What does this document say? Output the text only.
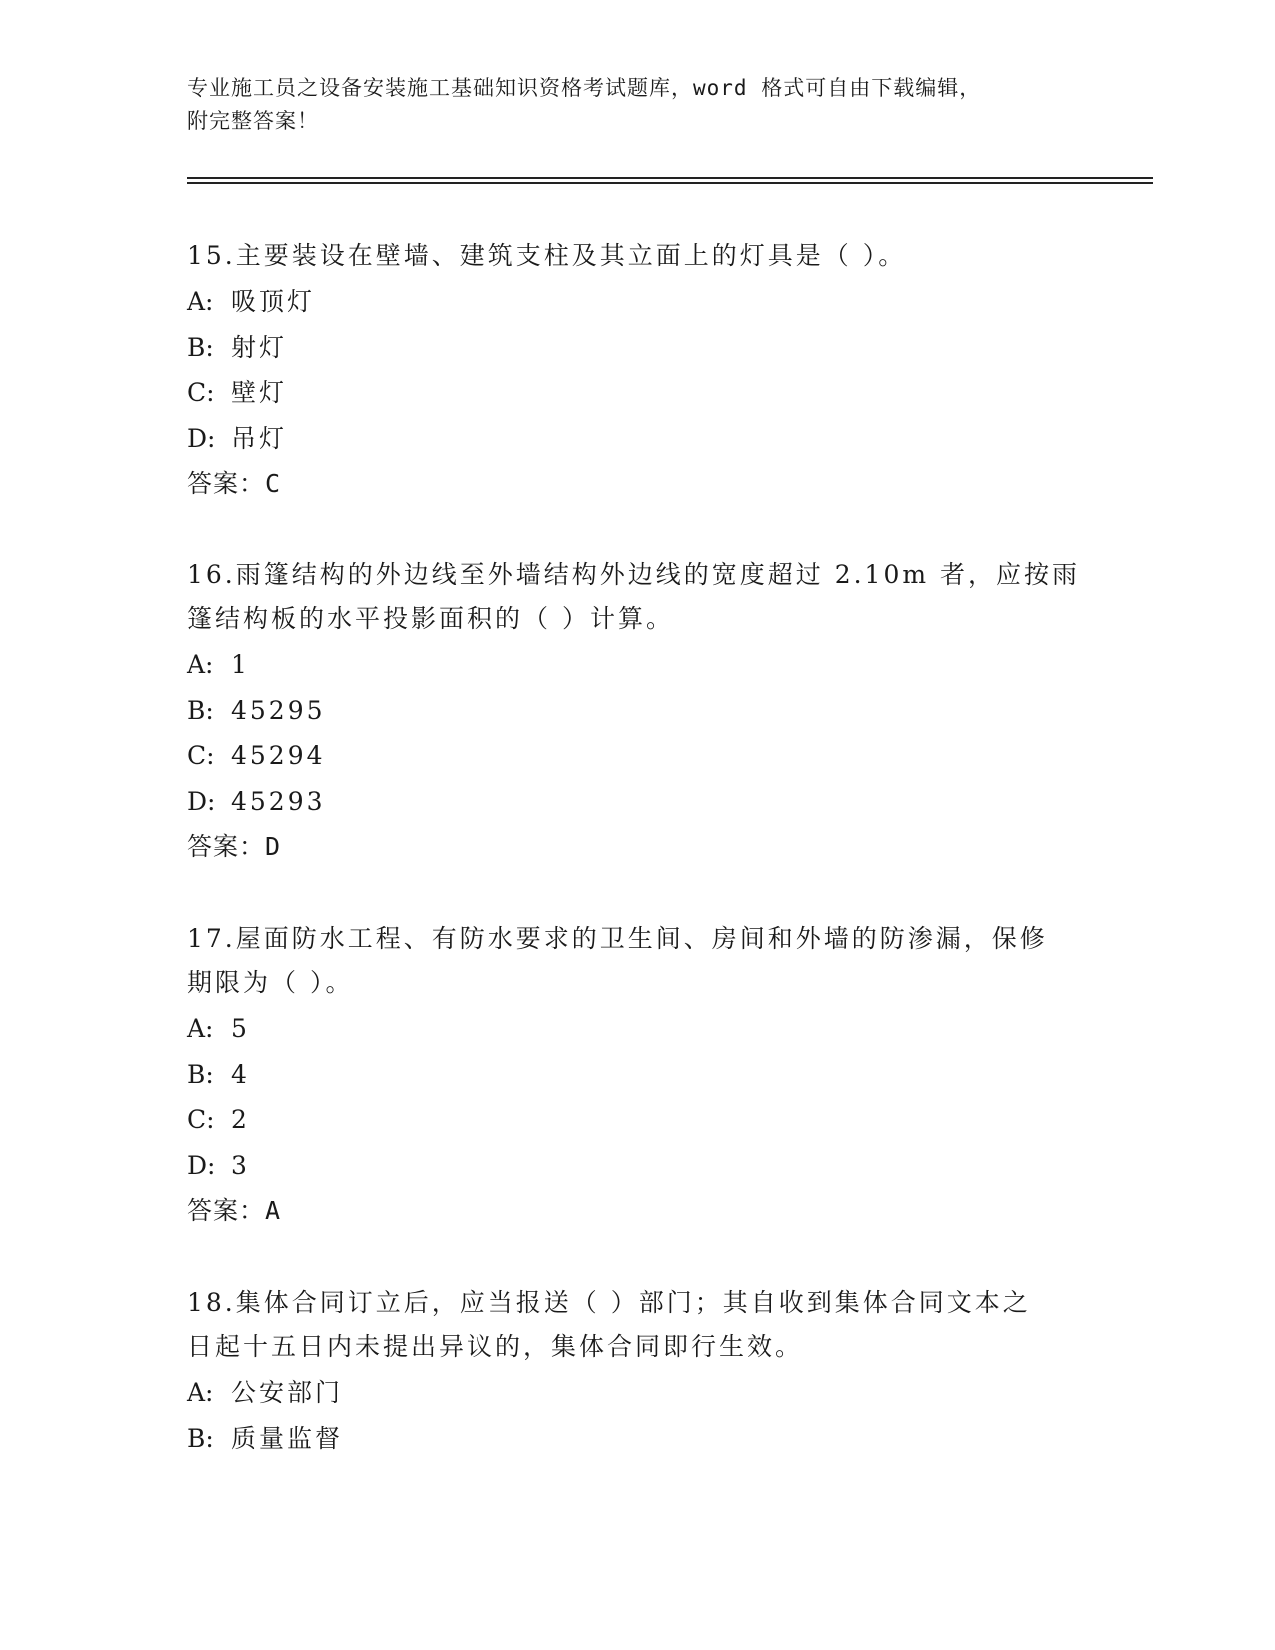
专业施工员之设备安装施工基础知识资格考试题库，word 格式可自由下载编辑，
附完整答案！
15.主要装设在壁墙、建筑支柱及其立面上的灯具是（ ）。
A: 吸顶灯
B: 射灯
C: 壁灯
D: 吊灯
答案：C
16.雨篷结构的外边线至外墙结构外边线的宽度超过 2.10m 者，应按雨
篷结构板的水平投影面积的（ ）计算。
A: 1
B: 45295
C: 45294
D: 45293
答案：D
17.屋面防水工程、有防水要求的卫生间、房间和外墙的防渗漏，保修
期限为（ ）。
A: 5
B: 4
C: 2
D: 3
答案：A
18.集体合同订立后，应当报送（ ）部门；其自收到集体合同文本之
日起十五日内未提出异议的，集体合同即行生效。
A: 公安部门
B: 质量监督
